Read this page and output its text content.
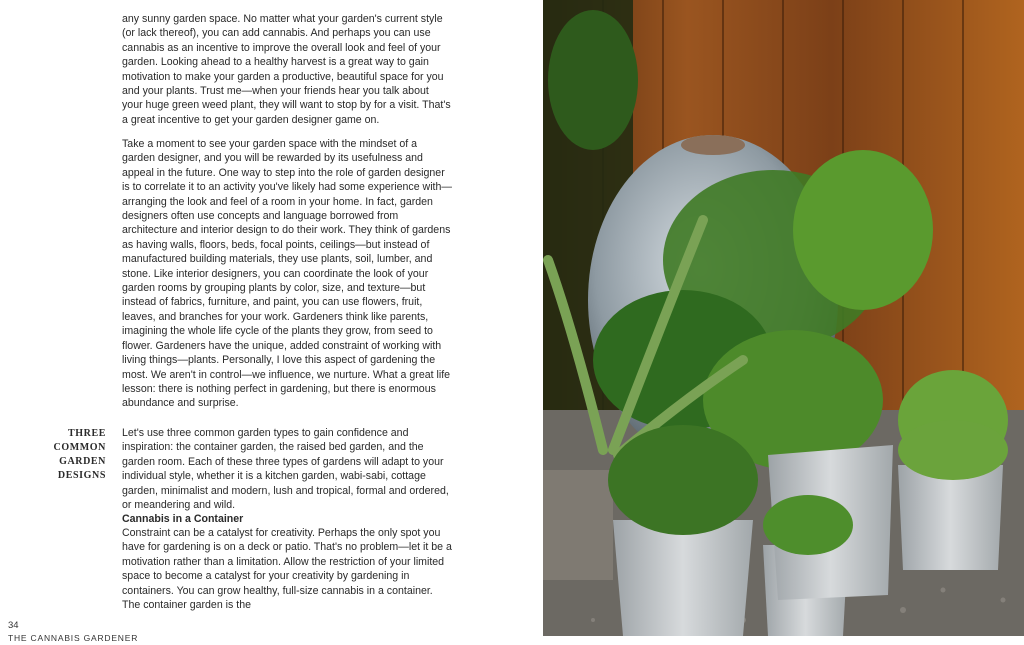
any sunny garden space. No matter what your garden's current style (or lack thereof), you can add cannabis. And perhaps you can use cannabis as an incentive to improve the overall look and feel of your garden. Looking ahead to a healthy harvest is a great way to gain motivation to make your garden a productive, beautiful space for you and your plants. Trust me—when your friends hear you talk about your huge green weed plant, they will want to stop by for a visit. That's a great incentive to get your garden designer game on.

Take a moment to see your garden space with the mindset of a garden designer, and you will be rewarded by its usefulness and appeal in the future. One way to step into the role of garden designer is to correlate it to an activity you've likely had some experience with—arranging the look and feel of a room in your home. In fact, garden designers often use concepts and language borrowed from architecture and interior design to do their work. They think of gardens as having walls, floors, beds, focal points, ceilings—but instead of manufactured building materials, they use plants, soil, lumber, and stone. Like interior designers, you can coordinate the look of your garden rooms by grouping plants by color, size, and texture—but instead of fabrics, furniture, and paint, you can use flowers, fruit, leaves, and branches for your work. Gardeners think like parents, imagining the whole life cycle of the plants they grow, from seed to flower. Gardeners have the unique, added constraint of working with living things—plants. Personally, I love this aspect of gardening the most. We aren't in control—we influence, we nurture. What a great life lesson: there is nothing perfect in gardening, but there is enormous abundance and surprise.

Let's use three common garden types to gain confidence and inspiration: the container garden, the raised bed garden, and the garden room. Each of these three types of gardens will adapt to your individual style, whether it is a kitchen garden, wabi-sabi, cottage garden, minimalist and modern, lush and tropical, formal and ordered, or meandering and wild.

Cannabis in a Container

Constraint can be a catalyst for creativity. Perhaps the only spot you have for gardening is on a deck or patio. That's no problem—let it be a motivation rather than a limitation. Allow the restriction of your limited space to become a catalyst for your creativity by gardening in containers. You can grow healthy, full-size cannabis in a container. The container garden is the

THREE COMMON GARDEN DESIGNS
34
THE CANNABIS GARDENER
